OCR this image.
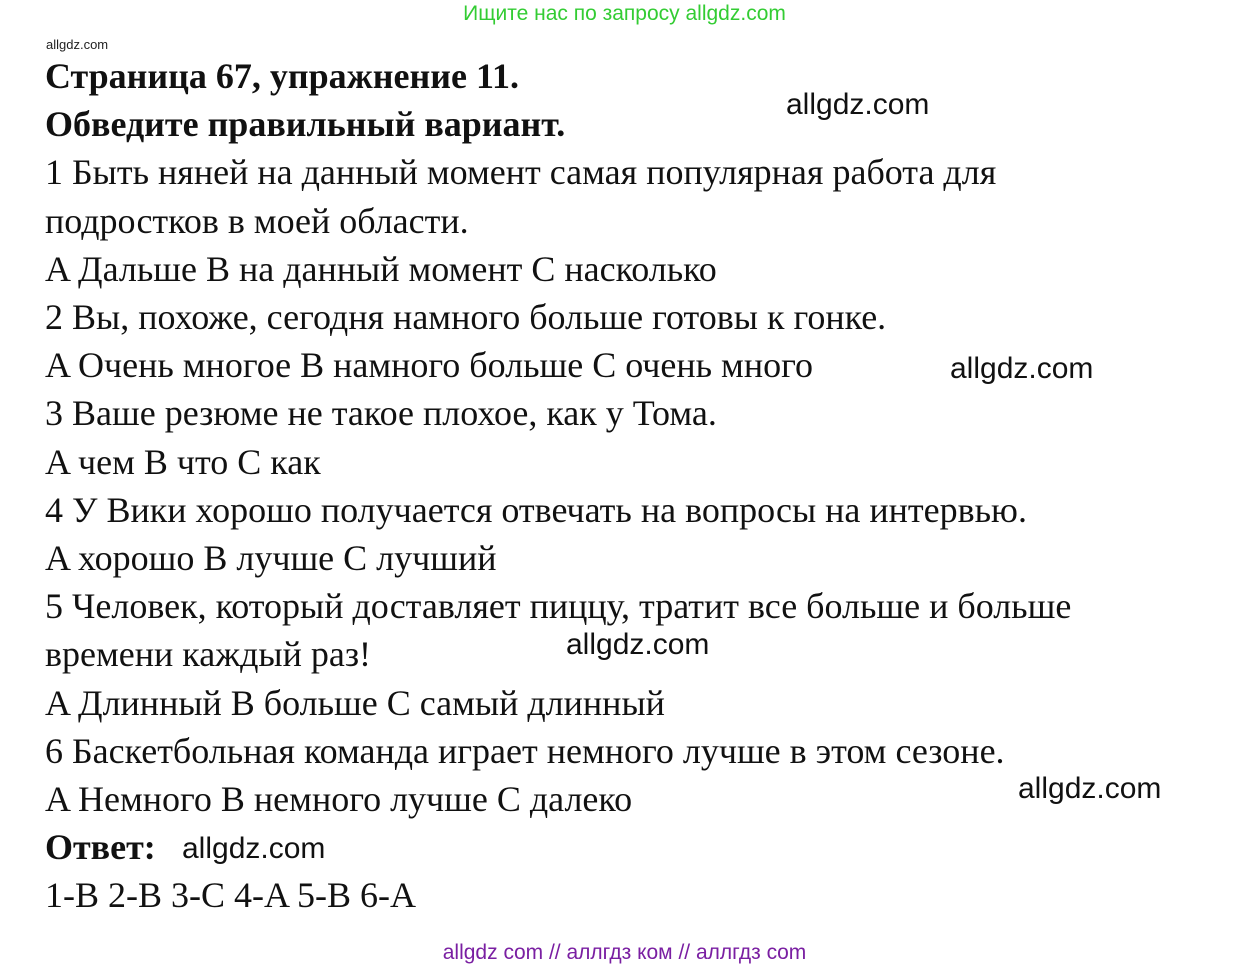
Ищите нас по запросу allgdz.com
allgdz.com
Страница 67, упражнение 11.
Обведите правильный вариант.
1 Быть няней на данный момент самая популярная работа для
подростков в моей области.
A Дальше B на данный момент C насколько
2 Вы, похоже, сегодня намного больше готовы к гонке.
A Очень многое B намного больше C очень много
3 Ваше резюме не такое плохое, как у Тома.
A чем B что C как
4 У Вики хорошо получается отвечать на вопросы на интервью.
A хорошо B лучше C лучший
5 Человек, который доставляет пиццу, тратит все больше и больше
времени каждый раз!
A Длинный B больше C самый длинный
6 Баскетбольная команда играет немного лучше в этом сезоне.
A Немного B немного лучше C далеко
Ответ:
1-B 2-B 3-C 4-A 5-B 6-A
allgdz.com
allgdz.com
allgdz.com
allgdz.com
allgdz.com
allgdz com // аллгдз ком // аллгдз com
